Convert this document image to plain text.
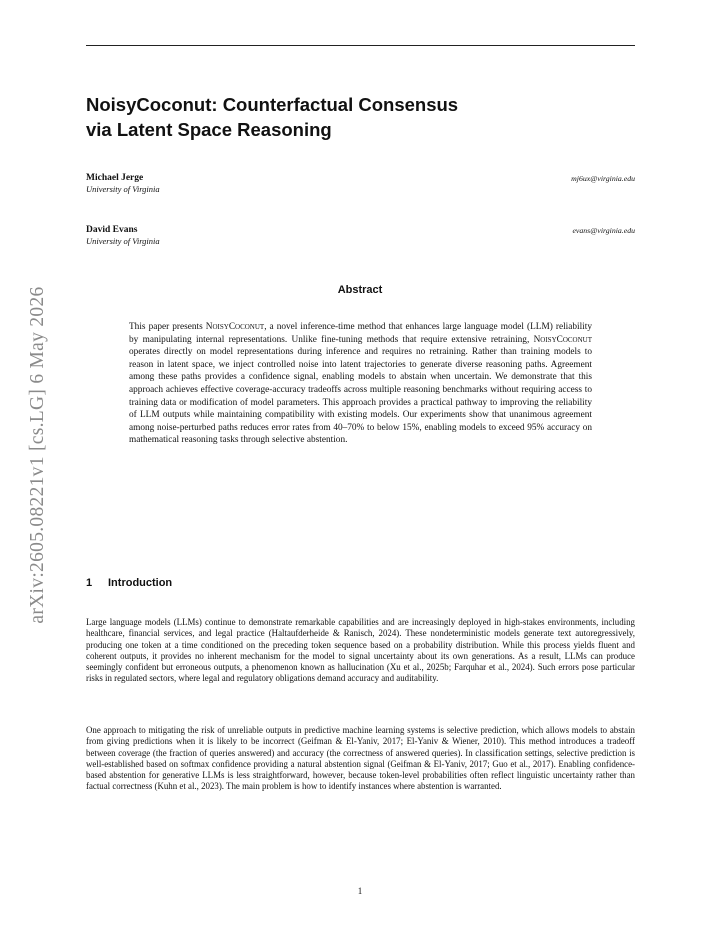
arXiv:2605.08221v1 [cs.LG] 6 May 2026
NoisyCoconut: Counterfactual Consensus
via Latent Space Reasoning
Michael Jerge
University of Virginia
mj6ux@virginia.edu
David Evans
University of Virginia
evans@virginia.edu
Abstract
This paper presents NoisyCoconut, a novel inference-time method that enhances large language model (LLM) reliability by manipulating internal representations. Unlike fine-tuning methods that require extensive retraining, NoisyCoconut operates directly on model representations during inference and requires no retraining. Rather than training models to reason in latent space, we inject controlled noise into latent trajectories to generate diverse reasoning paths. Agreement among these paths provides a confidence signal, enabling models to abstain when uncertain. We demonstrate that this approach achieves effective coverage-accuracy tradeoffs across multiple reasoning benchmarks without requiring access to training data or modification of model parameters. This approach provides a practical pathway to improving the reliability of LLM outputs while maintaining compatibility with existing models. Our experiments show that unanimous agreement among noise-perturbed paths reduces error rates from 40–70% to below 15%, enabling models to exceed 95% accuracy on mathematical reasoning tasks through selective abstention.
1 Introduction
Large language models (LLMs) continue to demonstrate remarkable capabilities and are increasingly deployed in high-stakes environments, including healthcare, financial services, and legal practice (Haltaufderheide & Ranisch, 2024). These nondeterministic models generate text autoregressively, producing one token at a time conditioned on the preceding token sequence based on a probability distribution. While this process yields fluent and coherent outputs, it provides no inherent mechanism for the model to signal uncertainty about its own generations. As a result, LLMs can produce seemingly confident but erroneous outputs, a phenomenon known as hallucination (Xu et al., 2025b; Farquhar et al., 2024). Such errors pose particular risks in regulated sectors, where legal and regulatory obligations demand accuracy and auditability.
One approach to mitigating the risk of unreliable outputs in predictive machine learning systems is selective prediction, which allows models to abstain from giving predictions when it is likely to be incorrect (Geifman & El-Yaniv, 2017; El-Yaniv & Wiener, 2010). This method introduces a tradeoff between coverage (the fraction of queries answered) and accuracy (the correctness of answered queries). In classification settings, selective prediction is well-established based on softmax confidence providing a natural abstention signal (Geifman & El-Yaniv, 2017; Guo et al., 2017). Enabling confidence-based abstention for generative LLMs is less straightforward, however, because token-level probabilities often reflect linguistic uncertainty rather than factual correctness (Kuhn et al., 2023). The main problem is how to identify instances where abstention is warranted.
1
